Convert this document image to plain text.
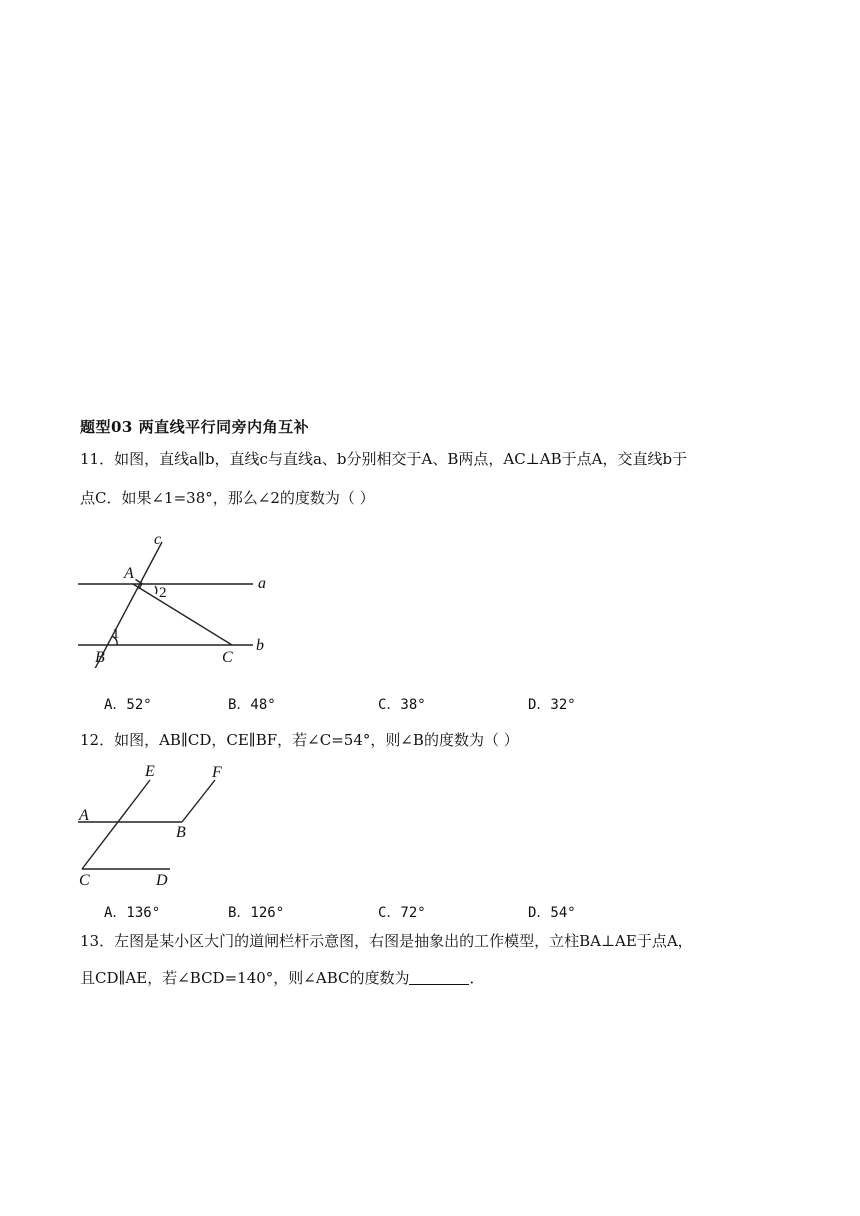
题型03 两直线平行同旁内角互补
11．如图，直线a∥b，直线c与直线a、b分别相交于A、B两点，AC⊥AB于点A，交直线b于
点C．如果∠1=38°，那么∠2的度数为（ ）
c
A
a
2
1
B	C
b
A．52°	B．48°	C．38°	D．32°
12．如图，AB∥CD，CE∥BF，若∠C=54°，则∠B的度数为（ ）
E	F
A
B
C	D
A．136°	B．126°	C．72°	D．54°
13．左图是某小区大门的道闸栏杆示意图，右图是抽象出的工作模型，立柱BA⊥AE于点A，
且CD∥AE，若∠BCD=140°，则∠ABC的度数为	．
